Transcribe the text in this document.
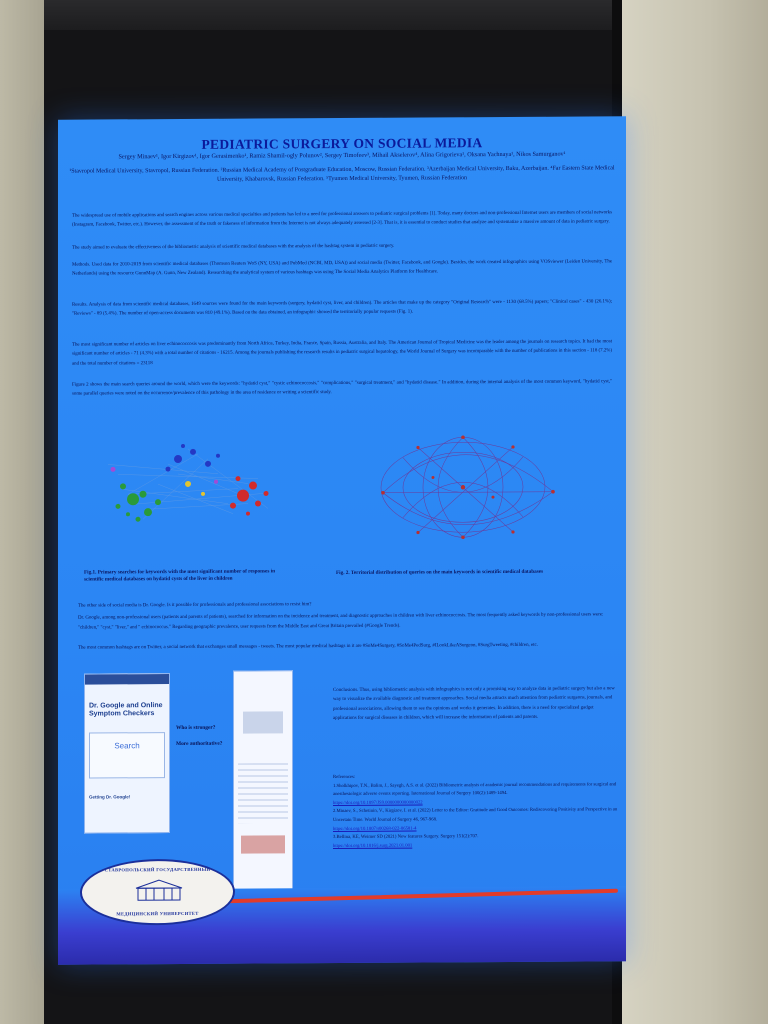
PEDIATRIC SURGERY ON SOCIAL MEDIA
Sergey Minaev¹, Igor Kirgizov¹, Igor Gerasimenko¹, Ramiz Shamil-ogly Polunov², Sergey Timofeev³, Mihail Akselerov⁴, Alina Grigorieva¹, Oksana Yachnaya¹, Nikos Samurganov¹
¹Stavropol Medical University, Stavropol, Russian Federation. ²Russian Medical Academy of Postgraduate Education, Moscow, Russian Federation. ³Azerbaijan Medical University, Baku, Azerbaijan. ⁴Far Eastern State Medical University, Khabarovsk, Russian Federation. ⁵Tyumen Medical University, Tyumen, Russian Federation
The widespread use of mobile applications and search engines across various medical specialties and patients has led to a need for professional answers to pediatric surgical problems [1]. Today, many doctors and non-professional Internet users are members of social networks (Instagram, Facebook, Twitter, etc.). However, the assessment of the truth or fakeness of information from the Internet is not always adequately assessed [2-3]. That is, it is essential to conduct studies that analyze and systematize a massive amount of data in pediatric surgery.
The study aimed to evaluate the effectiveness of the bibliometric analysis of scientific medical databases with the analysis of the hashtag system in pediatric surgery.
Methods. Used data for 2010-2019 from scientific medical databases (Thomson Reuters WoS (NY, USA) and PubMed (NCBI, MD, USA)) and social media (Twitter, Facebook, and Google). Besides, the work created infographics using VOSviewer (Leiden University, The Netherlands) using the resource GunnMap (A. Gunn, New Zealand). Researching the analytical system of various hashtags was using The Social Media Analytics Platform for Healthcare.
Results. Analysis of data from scientific medical databases, 1649 sources were found for the main keywords (surgery, hydatid cyst, liver, and children). The articles that make up the category "Original Research" were - 1130 (68.5%) papers; "Clinical cases" - 430 (26.1%); "Reviews" - 89 (5.4%). The number of open-access documents was 810 (49.1%). Based on the data obtained, an infographic showed the territorially popular requests (Fig. 1).
The most significant number of articles on liver echinococcosis was predominantly from North Africa, Turkey, India, France, Spain, Russia, Australia, and Italy. The American Journal of Tropical Medicine was the leader among the journals on research topics. It had the most significant number of articles - 71 (4.3%) with a total number of citations - 16215. Among the journals publishing the research results in pediatric surgical hepatology, the World Journal of Surgery was incomparable with the number of publications in this section - 118 (7.2%) and the total number of citations = 23118
Figure 2 shows the main search queries around the world, which were the keywords: "hydatid cyst," "cystic echinococcosis," "complications," "surgical treatment," and "hydatid disease." In addition, during the internal analysis of the most common keyword, "hydatid cyst," some parallel queries were noted on the occurrence/prevalence of this pathology in the area of residence or writing a scientific study.
Fig.1. Primary searches for keywords with the most significant number of responses in scientific medical databases on hydatid cysts of the liver in children
Fig. 2. Territorial distribution of queries on the main keywords in scientific medical databases
The other side of social media is Dr. Google. Is it possible for professionals and professional associations to resist him?
Dr. Google, among non-professional users (patients and parents of patients), searched for information on the incidence and treatment, and diagnostic approaches in children with liver echinococcosis. The most frequently asked keywords by non-professional users were: "children," "cyst," "liver," and " echinococcus." Regarding geographic prevalence, user requests from the Middle East and Great Britain prevailed (#Google Trends).
The most common hashtags are on Twitter, a social network that exchanges small messages - tweets. The most popular medical hashtags in it are #SoMe4Surgery, #SoMe4PedSurg, #ILookLikeASurgeon, #SurgTweeting, #children, etc.
Dr. Google and Online Symptom Checkers
Search
Getting Dr. Google!
Who is stronger?
More authoritative?
Conclusions. Thus, using bibliometric analysis with infographics is not only a promising way to analyze data in pediatric surgery but also a new way to visualize the available diagnostic and treatment approaches. Social media attracts much attention from pediatric surgeons, journals, and professional associations, allowing them to see the opinions and works it generates. In addition, there is a need for specialized gadget applications for surgical diseases in children, which will increase the information of patients and parents.
References:
1.Sholkhipov, T.N., Balim, J., Sayegh, A.S. et al. (2022) Bibliometric analysis of academic journal recommendations and requirements for surgical and anesthesiologic adverse events reporting. International Journal of Surgery 100(2):1489-1494.
https://doi.org/10.1097/JS9.0000000000000022
2.Minaev, S., Schetinin, V., Kirgizov, I. et al. (2022) Letter to the Editor: Gratitude and Good Outcomes: Rediscovering Positivity and Perspective in an Uncertain Time. World Journal of Surgery 46, 967-968.
https://doi.org/10.1007/s00268-022-06581-4
3.Bellina, KE, Weimer SD (2021) New features Surgery. Surgery 151(2):707.
https://doi.org/10.1016/j.surg.2021.01.001
СТАВРОПОЛЬСКИЙ ГОСУДАРСТВЕННЫЙ
МЕДИЦИНСКИЙ УНИВЕРСИТЕТ
